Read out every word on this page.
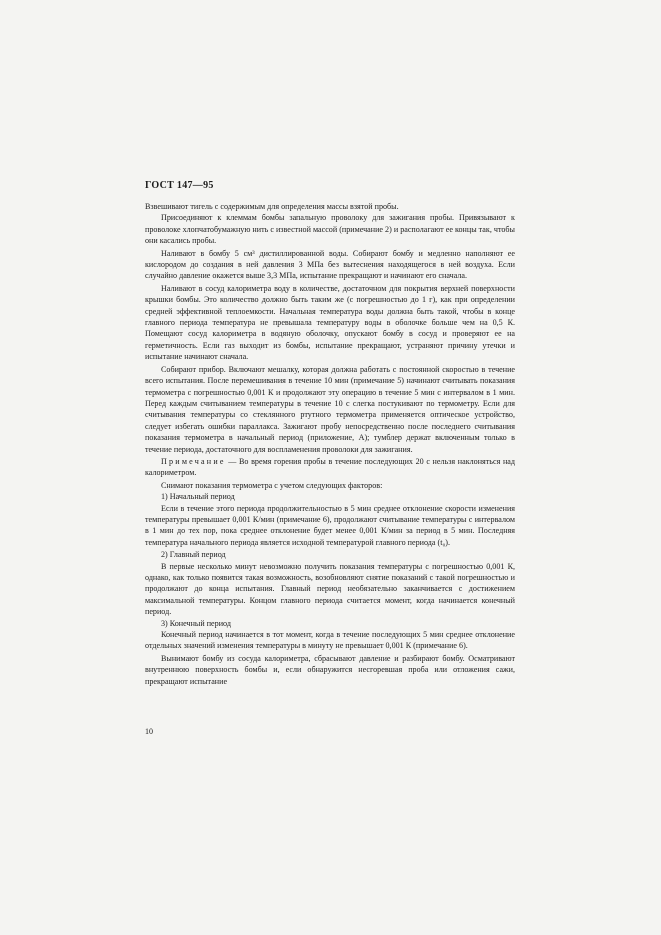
ГОСТ 147—95

Взвешивают тигель с содержимым для определения массы взятой пробы.

Присоединяют к клеммам бомбы запальную проволоку для зажигания пробы. Привязывают к проволоке хлопчатобумажную нить с известной массой (примечание 2) и располагают ее концы так, чтобы они касались пробы.

Наливают в бомбу 5 см³ дистиллированной воды. Собирают бомбу и медленно наполняют ее кислородом до создания в ней давления 3 МПа без вытеснения находящегося в ней воздуха. Если случайно давление окажется выше 3,3 МПа, испытание прекращают и начинают его сначала.

Наливают в сосуд калориметра воду в количестве, достаточном для покрытия верхней поверхности крышки бомбы. Это количество должно быть таким же (с погрешностью до 1 г), как при определении средней эффективной теплоемкости. Начальная температура воды должна быть такой, чтобы в конце главного периода температура не превышала температуру воды в оболочке больше чем на 0,5 К. Помещают сосуд калориметра в водяную оболочку, опускают бомбу в сосуд и проверяют ее на герметичность. Если газ выходит из бомбы, испытание прекращают, устраняют причину утечки и испытание начинают сначала.

Собирают прибор. Включают мешалку, которая должна работать с постоянной скоростью в течение всего испытания. После перемешивания в течение 10 мин (примечание 5) начинают считывать показания термометра с погрешностью 0,001 К и продолжают эту операцию в течение 5 мин с интервалом в 1 мин. Перед каждым считыванием температуры в течение 10 с слегка постукивают по термометру. Если для считывания температуры со стеклянного ртутного термометра применяется оптическое устройство, следует избегать ошибки параллакса. Зажигают пробу непосредственно после последнего считывания показания термометра в начальный период (приложение, А); тумблер держат включенным только в течение периода, достаточного для воспламенения проволоки для зажигания.

Примечание — Во время горения пробы в течение последующих 20 с нельзя наклоняться над калориметром.

Снимают показания термометра с учетом следующих факторов:

1) Начальный период

Если в течение этого периода продолжительностью в 5 мин среднее отклонение скорости изменения температуры превышает 0,001 К/мин (примечание 6), продолжают считывание температуры с интервалом в 1 мин до тех пор, пока среднее отклонение будет менее 0,001 К/мин за период в 5 мин. Последняя температура начального периода является исходной температурой главного периода (t₀).

2) Главный период

В первые несколько минут невозможно получить показания температуры с погрешностью 0,001 К, однако, как только появится такая возможность, возобновляют снятие показаний с такой погрешностью и продолжают до конца испытания. Главный период необязательно заканчивается с достижением максимальной температуры. Концом главного периода считается момент, когда начинается конечный период.

3) Конечный период

Конечный период начинается в тот момент, когда в течение последующих 5 мин среднее отклонение отдельных значений изменения температуры в минуту не превышает 0,001 К (примечание 6).

Вынимают бомбу из сосуда калориметра, сбрасывают давление и разбирают бомбу. Осматривают внутреннюю поверхность бомбы и, если обнаружится несгоревшая проба или отложения сажи, прекращают испытание

10
